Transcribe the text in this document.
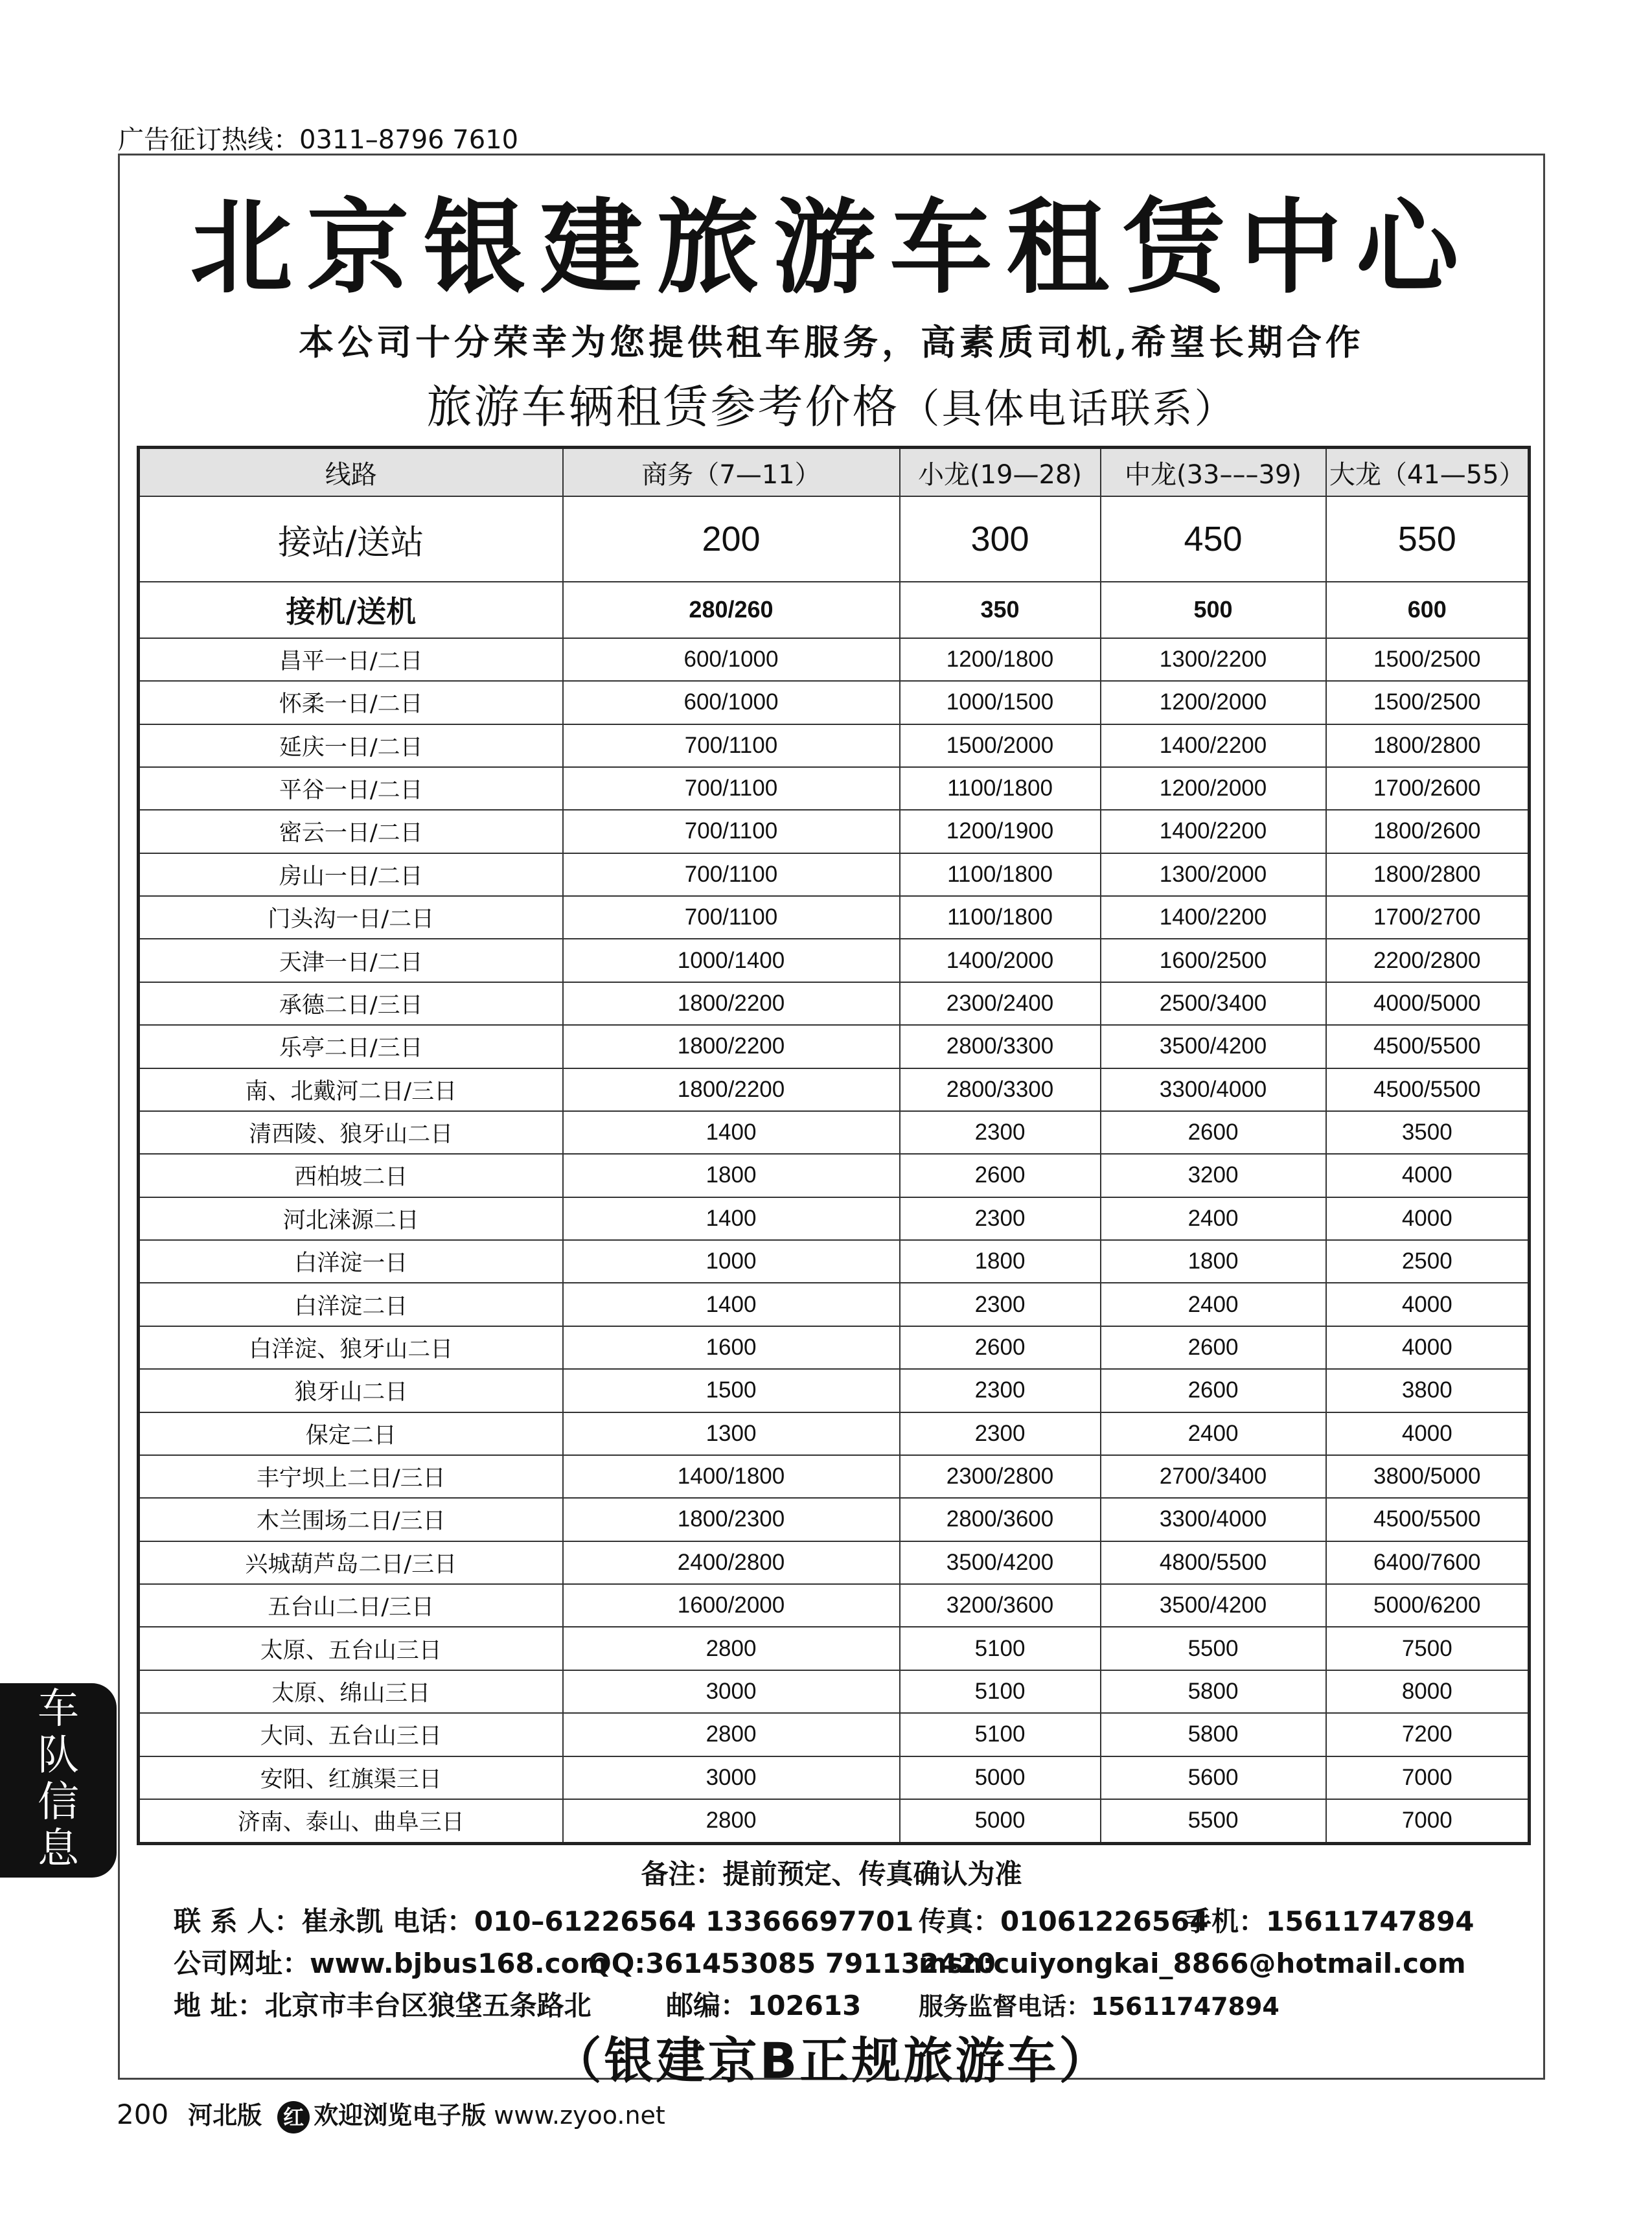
广告征订热线：0311–8796 7610
北京银建旅游车租赁中心
本公司十分荣幸为您提供租车服务，高素质司机,希望长期合作
旅游车辆租赁参考价格（具体电话联系）
线路	商务（7—11）	小龙(19—28)	中龙(33–––39)	大龙（41—55）
接站/送站	200	300	450	550
接机/送机	280/260	350	500	600
昌平一日/二日	600/1000	1200/1800	1300/2200	1500/2500
怀柔一日/二日	600/1000	1000/1500	1200/2000	1500/2500
延庆一日/二日	700/1100	1500/2000	1400/2200	1800/2800
平谷一日/二日	700/1100	1100/1800	1200/2000	1700/2600
密云一日/二日	700/1100	1200/1900	1400/2200	1800/2600
房山一日/二日	700/1100	1100/1800	1300/2000	1800/2800
门头沟一日/二日	700/1100	1100/1800	1400/2200	1700/2700
天津一日/二日	1000/1400	1400/2000	1600/2500	2200/2800
承德二日/三日	1800/2200	2300/2400	2500/3400	4000/5000
乐亭二日/三日	1800/2200	2800/3300	3500/4200	4500/5500
南、北戴河二日/三日	1800/2200	2800/3300	3300/4000	4500/5500
清西陵、狼牙山二日	1400	2300	2600	3500
西柏坡二日	1800	2600	3200	4000
河北涞源二日	1400	2300	2400	4000
白洋淀一日	1000	1800	1800	2500
白洋淀二日	1400	2300	2400	4000
白洋淀、狼牙山二日	1600	2600	2600	4000
狼牙山二日	1500	2300	2600	3800
保定二日	1300	2300	2400	4000
丰宁坝上二日/三日	1400/1800	2300/2800	2700/3400	3800/5000
木兰围场二日/三日	1800/2300	2800/3600	3300/4000	4500/5500
兴城葫芦岛二日/三日	2400/2800	3500/4200	4800/5500	6400/7600
五台山二日/三日	1600/2000	3200/3600	3500/4200	5000/6200
太原、五台山三日	2800	5100	5500	7500
太原、绵山三日	3000	5100	5800	8000
大同、五台山三日	2800	5100	5800	7200
安阳、红旗渠三日	3000	5000	5600	7000
济南、泰山、曲阜三日	2800	5000	5500	7000
备注：提前预定、传真确认为准
联 系 人：崔永凯 电话：010–61226564 13366697701 传真：01061226564手机：15611747894
公司网址：www.bjbus168.comQQ:361453085 791132420msn:cuiyongkai_8866@hotmail.com
地 址：北京市丰台区狼垡五条路北	邮编：102613 服务监督电话：15611747894
（银建京B正规旅游车）
200 河北版 红 欢迎浏览电子版 www.zyoo.net
车
队
信
息
